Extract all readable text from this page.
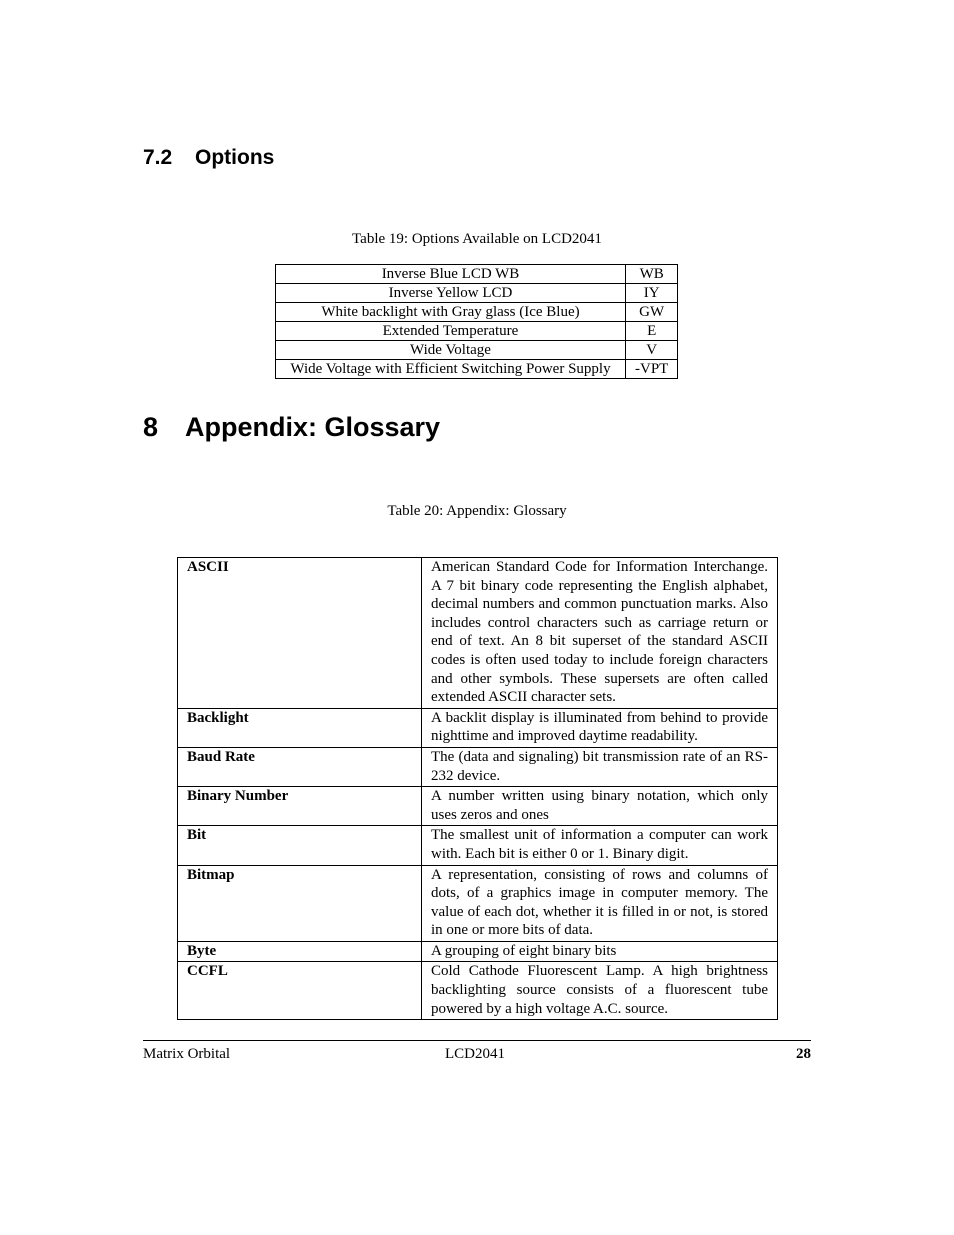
7.2 Options
Table 19: Options Available on LCD2041
Inverse Blue LCD WB	WB
Inverse Yellow LCD	IY
White backlight with Gray glass (Ice Blue)	GW
Extended Temperature	E
Wide Voltage	V
Wide Voltage with Efficient Switching Power Supply	-VPT
8 Appendix: Glossary
Table 20: Appendix: Glossary
ASCII	American Standard Code for Information Interchange. A 7 bit binary code representing the English alphabet, decimal numbers and common punctuation marks. Also includes control characters such as carriage return or end of text. An 8 bit superset of the standard ASCII codes is often used today to include foreign characters and other symbols. These supersets are often called extended ASCII character sets.
Backlight	A backlit display is illuminated from behind to provide nighttime and improved daytime readability.
Baud Rate	The (data and signaling) bit transmission rate of an RS-232 device.
Binary Number	A number written using binary notation, which only uses zeros and ones
Bit	The smallest unit of information a computer can work with. Each bit is either 0 or 1. Binary digit.
Bitmap	A representation, consisting of rows and columns of dots, of a graphics image in computer memory. The value of each dot, whether it is filled in or not, is stored in one or more bits of data.
Byte	A grouping of eight binary bits
CCFL	Cold Cathode Fluorescent Lamp. A high brightness backlighting source consists of a fluorescent tube powered by a high voltage A.C. source.
Matrix Orbital	LCD2041	28
